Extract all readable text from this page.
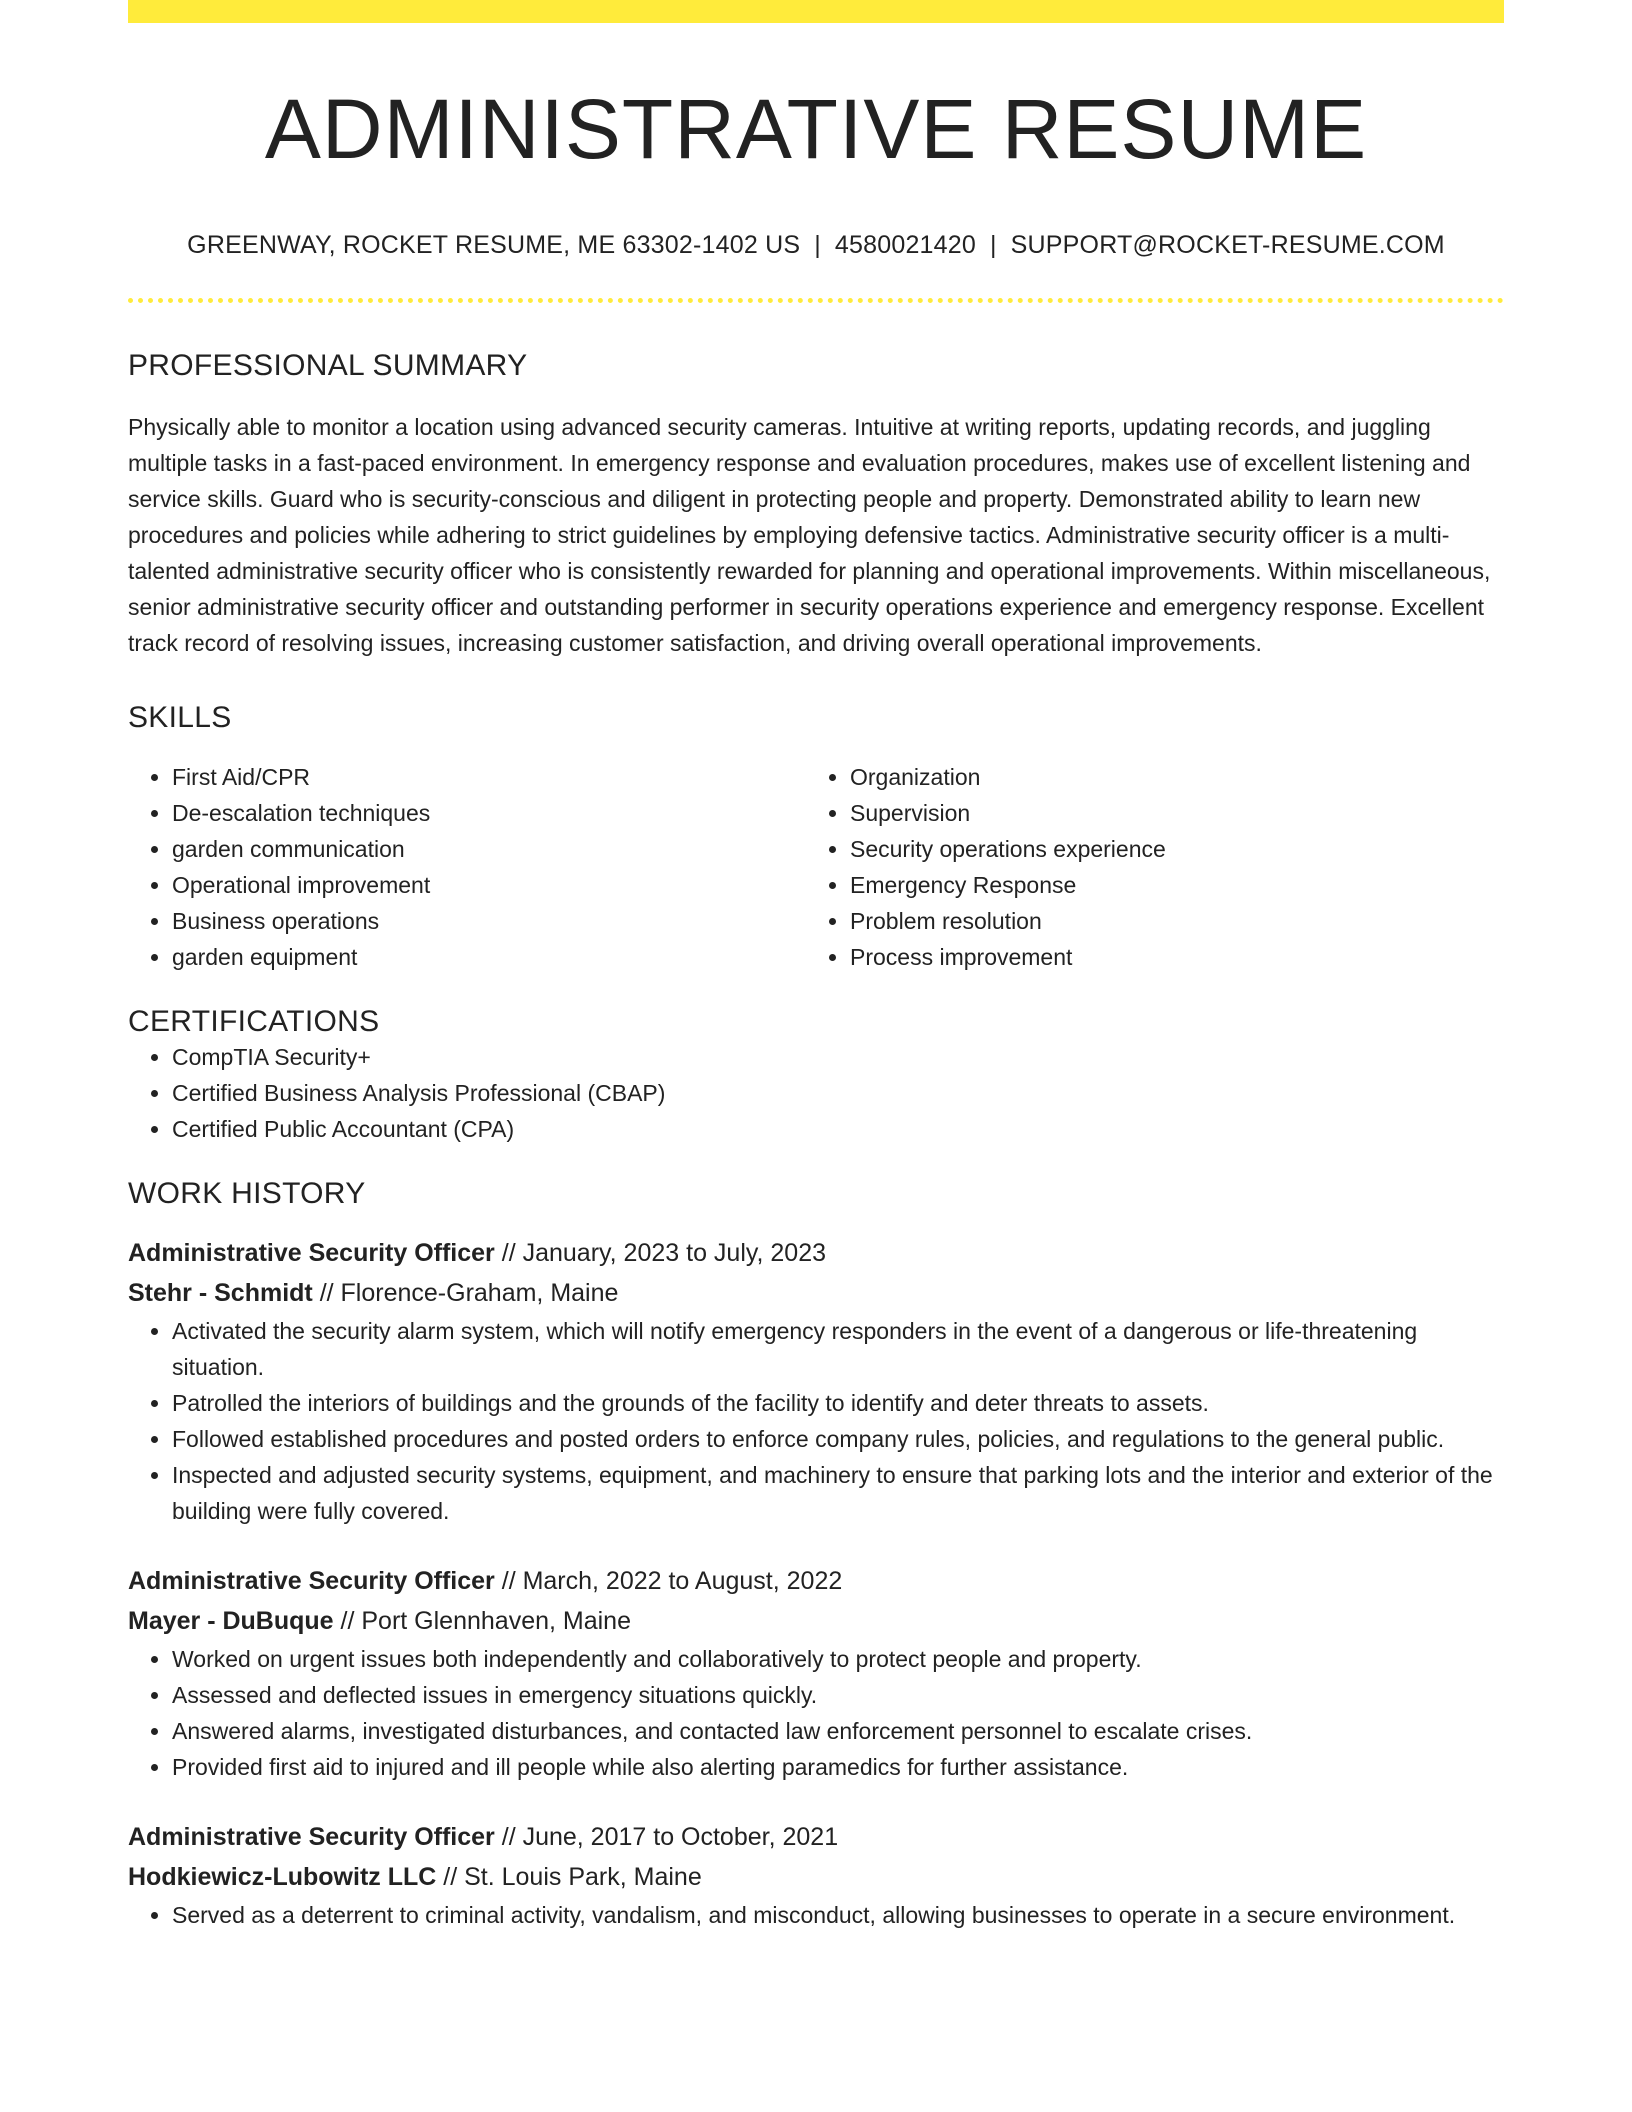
ADMINISTRATIVE RESUME
GREENWAY, ROCKET RESUME, ME 63302-1402 US | 4580021420 | SUPPORT@ROCKET-RESUME.COM
PROFESSIONAL SUMMARY
Physically able to monitor a location using advanced security cameras. Intuitive at writing reports, updating records, and juggling multiple tasks in a fast-paced environment. In emergency response and evaluation procedures, makes use of excellent listening and service skills. Guard who is security-conscious and diligent in protecting people and property. Demonstrated ability to learn new procedures and policies while adhering to strict guidelines by employing defensive tactics. Administrative security officer is a multi-talented administrative security officer who is consistently rewarded for planning and operational improvements. Within miscellaneous, senior administrative security officer and outstanding performer in security operations experience and emergency response. Excellent track record of resolving issues, increasing customer satisfaction, and driving overall operational improvements.
SKILLS
• First Aid/CPR
• De-escalation techniques
• garden communication
• Operational improvement
• Business operations
• garden equipment
• Organization
• Supervision
• Security operations experience
• Emergency Response
• Problem resolution
• Process improvement
CERTIFICATIONS
• CompTIA Security+
• Certified Business Analysis Professional (CBAP)
• Certified Public Accountant (CPA)
WORK HISTORY
Administrative Security Officer // January, 2023 to July, 2023
Stehr - Schmidt // Florence-Graham, Maine
• Activated the security alarm system, which will notify emergency responders in the event of a dangerous or life-threatening situation.
• Patrolled the interiors of buildings and the grounds of the facility to identify and deter threats to assets.
• Followed established procedures and posted orders to enforce company rules, policies, and regulations to the general public.
• Inspected and adjusted security systems, equipment, and machinery to ensure that parking lots and the interior and exterior of the building were fully covered.
Administrative Security Officer // March, 2022 to August, 2022
Mayer - DuBuque // Port Glennhaven, Maine
• Worked on urgent issues both independently and collaboratively to protect people and property.
• Assessed and deflected issues in emergency situations quickly.
• Answered alarms, investigated disturbances, and contacted law enforcement personnel to escalate crises.
• Provided first aid to injured and ill people while also alerting paramedics for further assistance.
Administrative Security Officer // June, 2017 to October, 2021
Hodkiewicz-Lubowitz LLC // St. Louis Park, Maine
• Served as a deterrent to criminal activity, vandalism, and misconduct, allowing businesses to operate in a secure environment.
